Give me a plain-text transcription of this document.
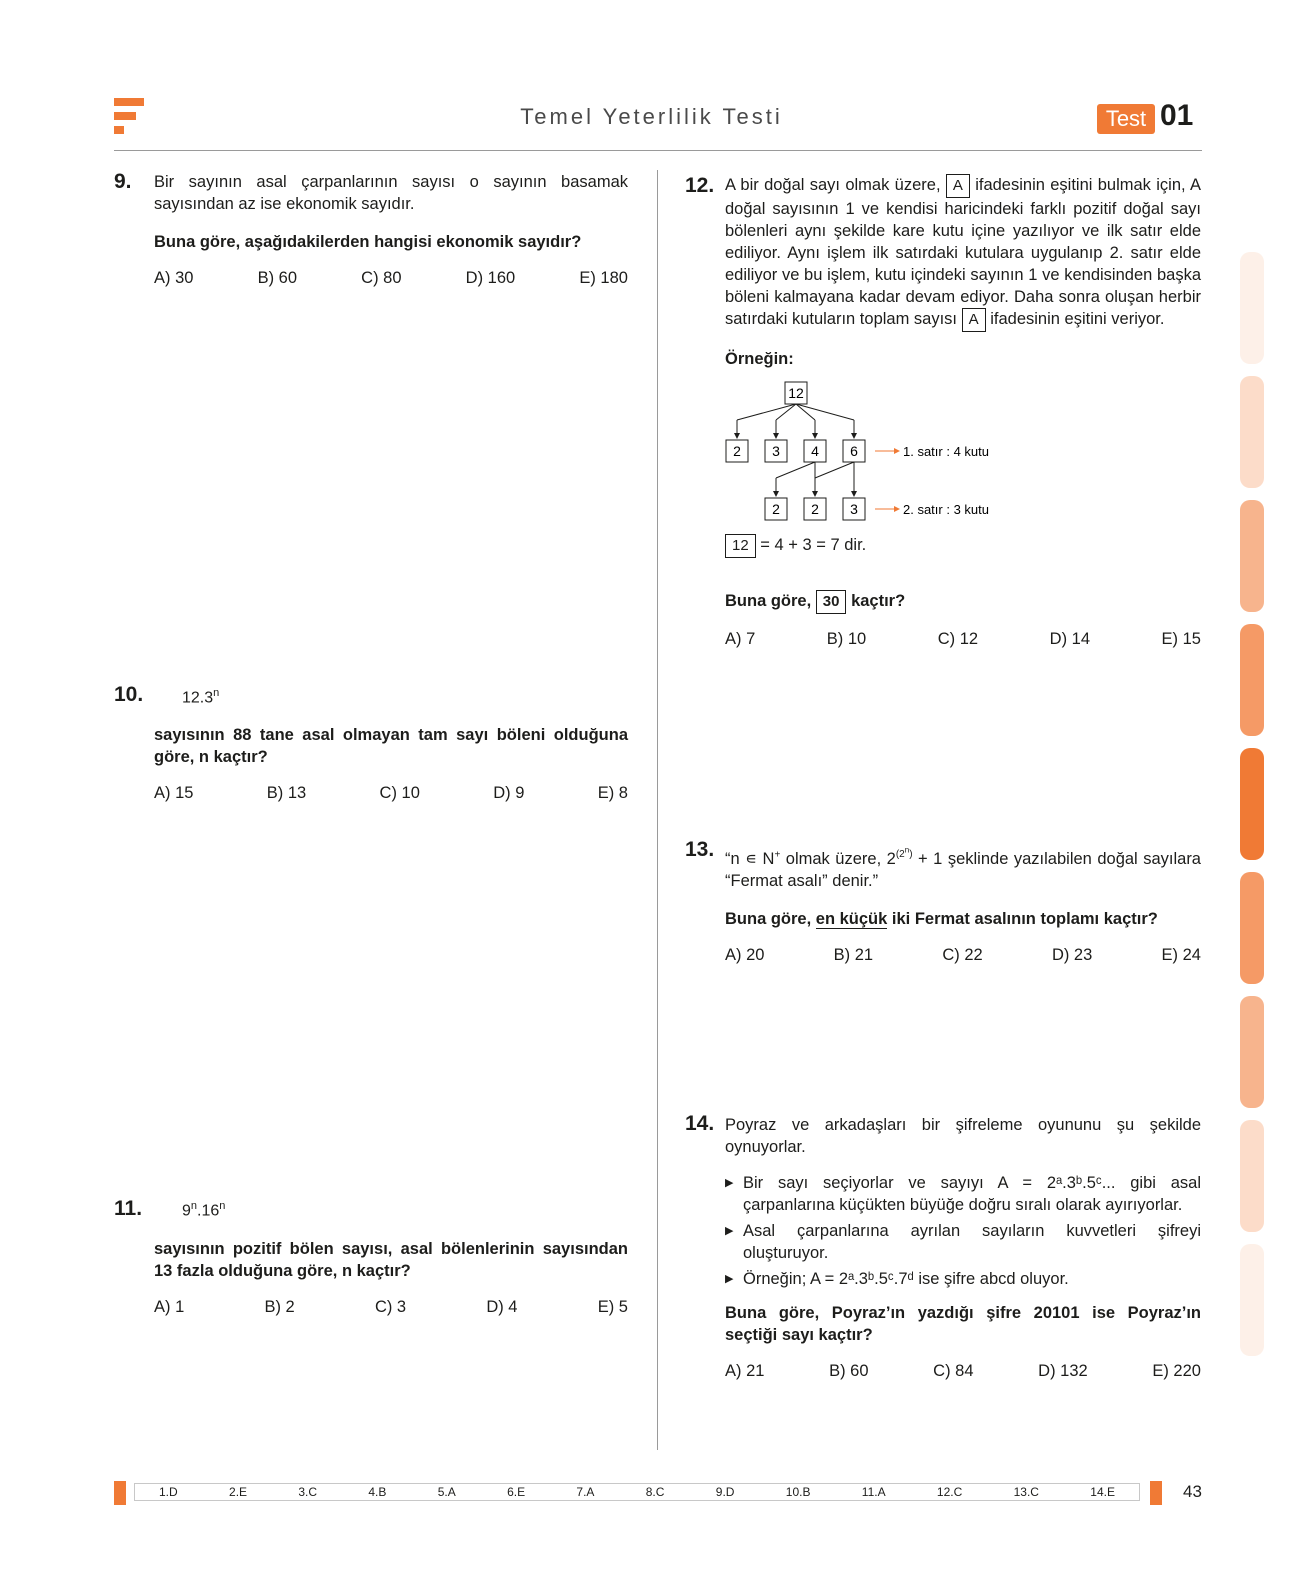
Temel Yeterlilik Testi	Test 01
9. Bir sayının asal çarpanlarının sayısı o sayının basamak sayısından az ise ekonomik sayıdır.
Buna göre, aşağıdakilerden hangisi ekonomik sayıdır?
A) 30	B) 60	C) 80	D) 160	E) 180
10. 12.3$^n$
sayısının 88 tane asal olmayan tam sayı böleni olduğuna göre, n kaçtır?
A) 15	B) 13	C) 10	D) 9	E) 8
11. 9$^n$.16$^n$
sayısının pozitif bölen sayısı, asal bölenlerinin sayısından 13 fazla olduğuna göre, n kaçtır?
A) 1	B) 2	C) 3	D) 4	E) 5
12. A bir doğal sayı olmak üzere, A ifadesinin eşitini bulmak için, A doğal sayısının 1 ve kendisi haricindeki farklı pozitif doğal sayı bölenleri aynı şekilde kare kutu içine yazılıyor ve ilk satır elde ediliyor. Aynı işlem ilk satırdaki kutulara uygulanıp 2. satır elde ediliyor ve bu işlem, kutu içindeki sayının 1 ve kendisinden başka böleni kalmayana kadar devam ediyor. Daha sonra oluşan herbir satırdaki kutuların toplam sayısı A ifadesinin eşitini veriyor.
Örneğin:
12
2 3 4 6	1. satır : 4 kutu
2 2 3	2. satır : 3 kutu
12 = 4 + 3 = 7 dir.
Buna göre, 30 kaçtır?
A) 7	B) 10	C) 12	D) 14	E) 15
13. “n ∊ N+ olmak üzere, $2^{(2^n)} + 1$ şeklinde yazılabilen doğal sayılara “Fermat asalı” denir.”
Buna göre, en küçük iki Fermat asalının toplamı kaçtır?
A) 20	B) 21	C) 22	D) 23	E) 24
14. Poyraz ve arkadaşları bir şifreleme oyununu şu şekilde oynuyorlar.
▶ Bir sayı seçiyorlar ve sayıyı A = 2ᵃ.3ᵇ.5ᶜ... gibi asal çarpanlarına küçükten büyüğe doğru sıralı olarak ayırıyorlar.
▶ Asal çarpanlarına ayrılan sayıların kuvvetleri şifreyi oluşturuyor.
▶ Örneğin; A = 2ᵃ.3ᵇ.5ᶜ.7ᵈ ise şifre abcd oluyor.
Buna göre, Poyraz’ın yazdığı şifre 20101 ise Poyraz’ın seçtiği sayı kaçtır?
A) 21	B) 60	C) 84	D) 132	E) 220
1.D	2.E	3.C	4.B	5.A	6.E	7.A	8.C	9.D	10.B	11.A	12.C	13.C	14.E	43
